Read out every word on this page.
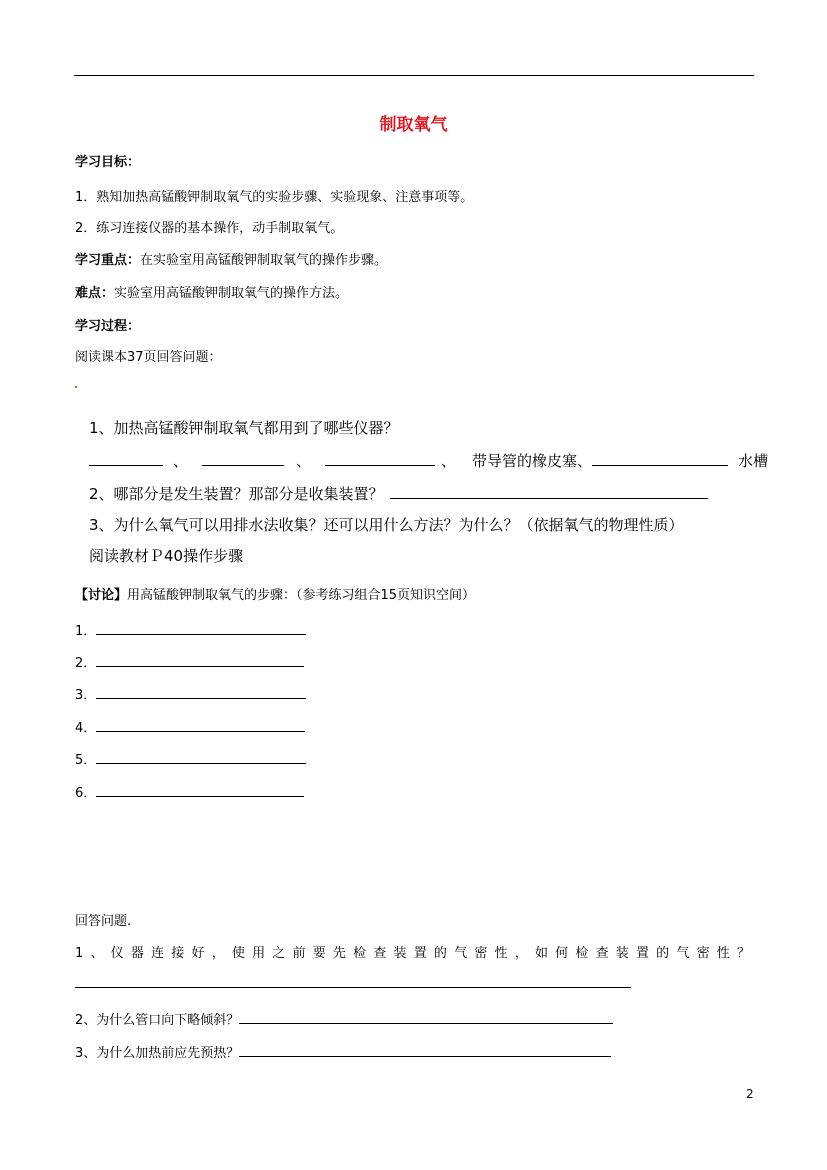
制取氧气
学习目标：
1．熟知加热高锰酸钾制取氧气的实验步骤、实验现象、注意事项等。
2．练习连接仪器的基本操作，动手制取氧气。
学习重点：在实验室用高锰酸钾制取氧气的操作步骤。
难点：实验室用高锰酸钾制取氧气的操作方法。
学习过程：
阅读课本37页回答问题：
1、加热高锰酸钾制取氧气都用到了哪些仪器？
、	、	、 带导管的橡皮塞、	水槽
2、哪部分是发生装置？那部分是收集装置？
3、为什么氧气可以用排水法收集？还可以用什么方法？为什么？（依据氧气的物理性质）
阅读教材Ｐ40操作步骤
【讨论】用高锰酸钾制取氧气的步骤：（参考练习组合15页知识空间）
1．
2．
3．
4．
5．
6．
回答问题.
1、仪器连接好，使用之前要先检查装置的气密性，如何检查装置的气密性？
2、为什么管口向下略倾斜？
3、为什么加热前应先预热？
2
